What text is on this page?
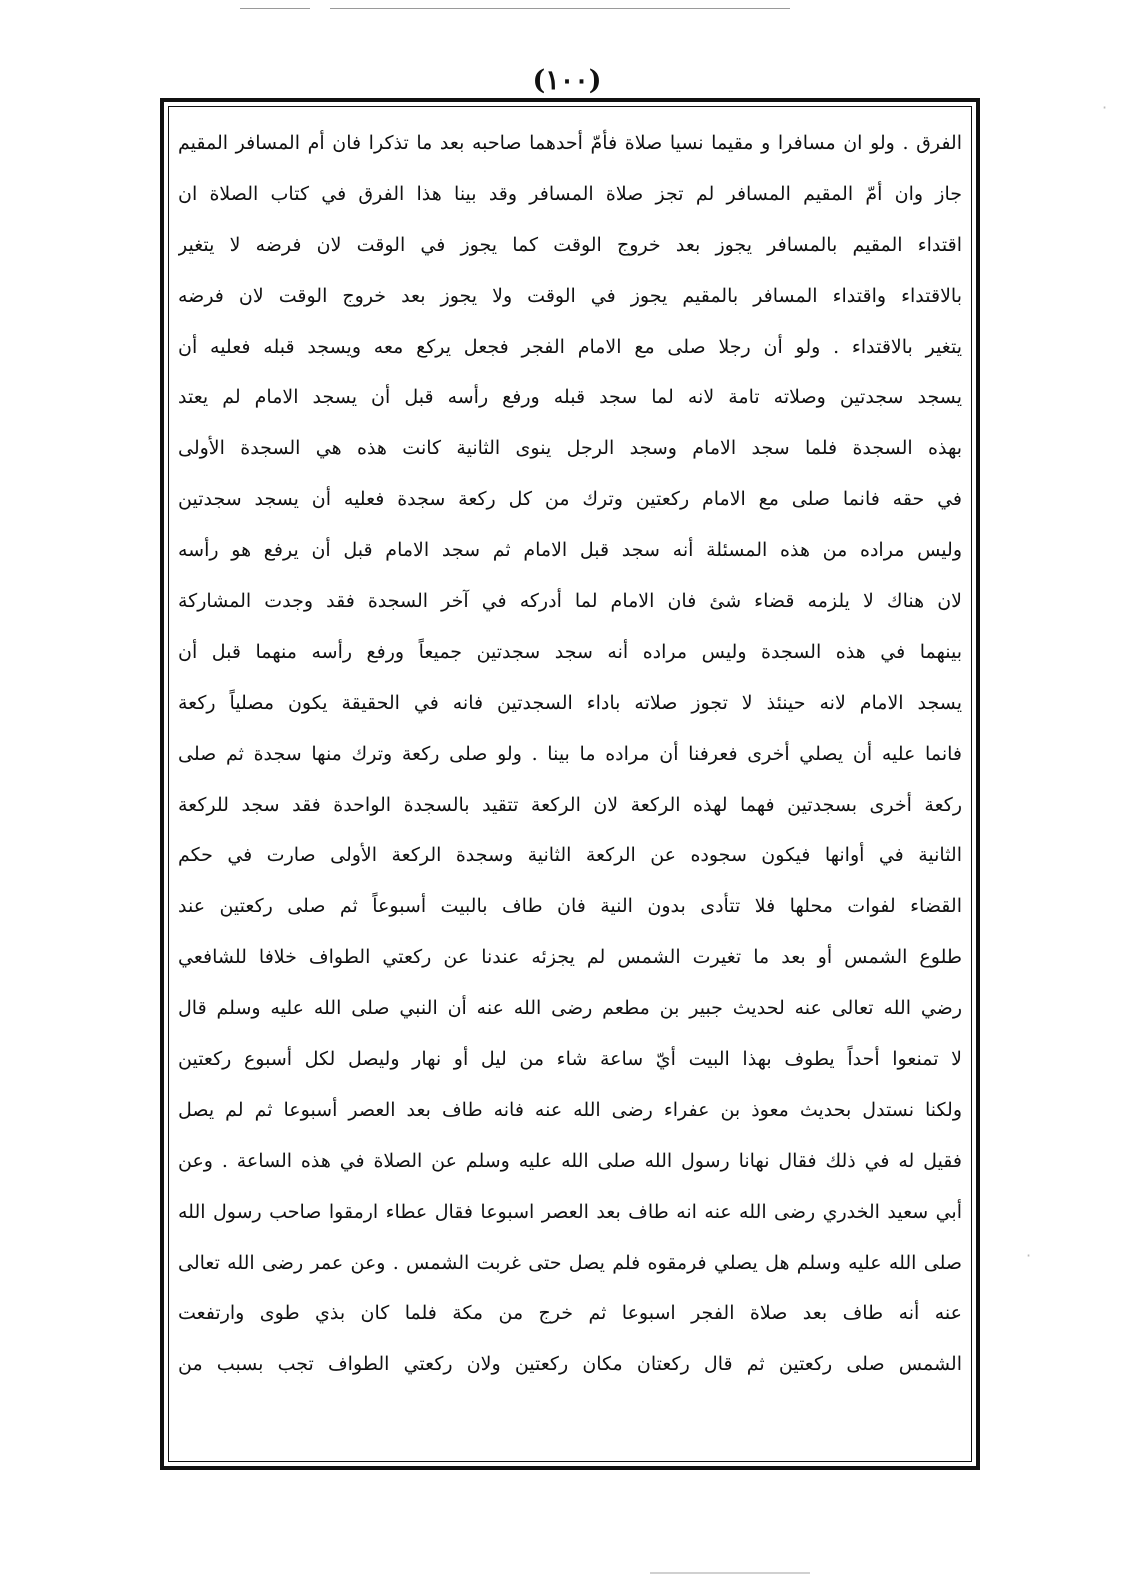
(١٠٠)
الفرق . ولو ان مسافرا و مقيما نسيا صلاة فأمّ أحدهما صاحبه بعد ما تذكرا فان أم المسافر المقيم
جاز وان أمّ المقيم المسافر لم تجز صلاة المسافر وقد بينا هذا الفرق في كتاب الصلاة ان
اقتداء المقيم بالمسافر يجوز بعد خروج الوقت كما يجوز في الوقت لان فرضه لا يتغير
بالاقتداء واقتداء المسافر بالمقيم يجوز في الوقت ولا يجوز بعد خروج الوقت لان فرضه
يتغير بالاقتداء . ولو أن رجلا صلى مع الامام الفجر فجعل يركع معه ويسجد قبله فعليه أن
يسجد سجدتين وصلاته تامة لانه لما سجد قبله ورفع رأسه قبل أن يسجد الامام لم يعتد
بهذه السجدة فلما سجد الامام وسجد الرجل ينوى الثانية كانت هذه هي السجدة الأولى
في حقه فانما صلى مع الامام ركعتين وترك من كل ركعة سجدة فعليه أن يسجد سجدتين
وليس مراده من هذه المسئلة أنه سجد قبل الامام ثم سجد الامام قبل أن يرفع هو رأسه
لان هناك لا يلزمه قضاء شئ فان الامام لما أدركه في آخر السجدة فقد وجدت المشاركة
بينهما في هذه السجدة وليس مراده أنه سجد سجدتين جميعاً ورفع رأسه منهما قبل أن
يسجد الامام لانه حينئذ لا تجوز صلاته باداء السجدتين فانه في الحقيقة يكون مصلياً ركعة
فانما عليه أن يصلي أخرى فعرفنا أن مراده ما بينا . ولو صلى ركعة وترك منها سجدة ثم صلى
ركعة أخرى بسجدتين فهما لهذه الركعة لان الركعة تتقيد بالسجدة الواحدة فقد سجد للركعة
الثانية في أوانها فيكون سجوده عن الركعة الثانية وسجدة الركعة الأولى صارت في حكم
القضاء لفوات محلها فلا تتأدى بدون النية فان طاف بالبيت أسبوعاً ثم صلى ركعتين عند
طلوع الشمس أو بعد ما تغيرت الشمس لم يجزئه عندنا عن ركعتي الطواف خلافا للشافعي
رضي الله تعالى عنه لحديث جبير بن مطعم رضى الله عنه أن النبي صلى الله عليه وسلم قال
لا تمنعوا أحداً يطوف بهذا البيت أيّ ساعة شاء من ليل أو نهار وليصل لكل أسبوع ركعتين
ولكنا نستدل بحديث معوذ بن عفراء رضى الله عنه فانه طاف بعد العصر أسبوعا ثم لم يصل
فقيل له في ذلك فقال نهانا رسول الله صلى الله عليه وسلم عن الصلاة في هذه الساعة . وعن
أبي سعيد الخدري رضى الله عنه انه طاف بعد العصر اسبوعا فقال عطاء ارمقوا صاحب رسول الله
صلى الله عليه وسلم هل يصلي فرمقوه فلم يصل حتى غربت الشمس . وعن عمر رضى الله تعالى
عنه أنه طاف بعد صلاة الفجر اسبوعا ثم خرج من مكة فلما كان بذي طوى وارتفعت
الشمس صلى ركعتين ثم قال ركعتان مكان ركعتين ولان ركعتي الطواف تجب بسبب من
·
·
